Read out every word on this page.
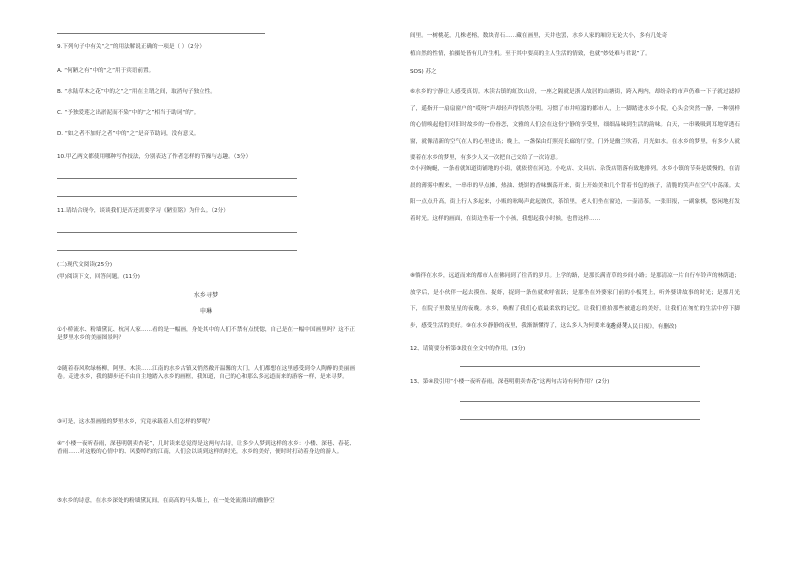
9.下列句子中有关“之”的用法解说正确的一项是（ ）（2分）
A. “何陋之有”中的“之”用于宾语前置。
B. “水陆草木之花”中的之“之”用在主谓之间，取消句子独立性。
C. “予独爱莲之出淤泥而不染”中的“之”相当于助词“的”。
D. “如之者不加好之者”中的“之”是音节助词，没有意义。
10.甲乙两文都使用哪种写作技法，分别表达了作者怎样的节操与志趣。（3分）
11.请结合现今，谈谈我们是否还需要学习《陋室铭》为什么。（2分）
(二)现代文阅读(25分)
(甲)阅读下文，回答问题。(11分)
水乡寻梦
申琳
①小桥流水、粉墙黛瓦、杭河人家……看的是一幅画，身处其中的人们不禁有点恍惚，自己是在一幅中国画里吗？这不正是梦里水乡的美丽图景吗？
②随着春风吹绿杨柳，阿里、木渎……江南的水乡古镇又悄然敞开温馨的大门，人们都想在这里感受到令人陶醉的美丽画卷。走进水乡，我的脚步还不由自主地踏入水乡的画框，我知道，自己的心和那么多远道而来的游客一样，是来寻梦。
③可是，这水墨画般的梦里水乡，究竟承载着人们怎样的梦呢？
④“小楼一夜听春雨，深巷明朝卖杏花”，几时读来总觉得是这两句古诗，让多少人梦到这样的水乡：小楼、深巷、春花、香雨……对这般的心情中的、风姿绰约的江南，人们会以谈到这样的时光，水乡的美好，便时时打动着身边的游人。
⑤水乡的诗意，在水乡深处的粉墙黛瓦间，在高高的马头墙上，在一处处流淌出的幽静空
间里。一树桃花，几株老榕，数块青石……藏在画里，天井也罢，水乡人家的厢房无论大小，多有几处奇
植自然的性情，拍摄处皆有几许生机。至于其中要高的主人生活的情致，也就“妙处难与君说”了。
SOS) 苏之
⑥水乡的宁静让人感受真切。木渎古镇的虹饮山房，一座之隔就是浙人故居的山塘街，跨入两内，却纷杂的市声仍难一下子就过滤掉了，遥指开一扇扇窗户的“哎呀”声却轻声得恬然分明。习惯了市井喧嚣的都市人，上一脚踏进水乡小院，心头会突然一静，一种别样的心情唤起他们对旧时故乡的一份眷恋，文雅的人们会在这份宁静的享受里，细细品味到生活的韵味。白天，一串吸吸到耳地穿透石窗，就像清新的空气在人的心里进出；晚上，一盏保由灯照亮长廊的厅堂，门外是幽兰吹着，月光如水。在水乡的梦里，有多少人就要着在水乡的梦里，有多少人又一次把自己交给了一次诗意。
⑦小河蜿蜒，一条看就知道街铺地的小街，就依傍在河边。小吃店、文具店、杂货店错落有致地排列。水乡小镇的节奏是缓慢的，在清晨的薄雾中醒来，一串串的早点摊，热油、烧饼的香味飘荡开来，街上开始美和几个背着书包的孩子，清脆的笑声在空气中荡漾。太阳一点点升高，街上行人多起来，小贩的吆喝声此起彼伏，茶馆里，老人们坐在窗边，一壶清茶，一张旧报，一副象棋，悠闲地打发着时光。这样的画面，在街边坐着一个小孩，我想起我小时候，也曾这样……
⑧徜徉在水乡，远道而来的都市人在佛同到了往昔的岁月。上学的路，是那长满青草的乡间小路；是那清凉一片自行车铃声的林荫道；放学后，是小伙伴一起去摸鱼、捉虾，捉到一条鱼就欢呼雀跃；是那坐在外婆家门前的小板凳上，听外婆讲故事的时光；是那月光下，在院子里数星星的夜晚。水乡，唤醒了我们心底最柔软的记忆，让我们重拾那些被遗忘的美好，让我们在匆忙的生活中停下脚步，感受生活的美好。⑨在水乡静静的夜里，我渐渐懂得了，这么多人为何要来水乡寻梦。
(选自《人民日报》，有删改)
12、请简要分析第③段在全文中的作用。(3分)
13、第④段引用“小楼一夜听春雨，深巷明朝卖杏花”这两句古诗有何作用？(2分)
